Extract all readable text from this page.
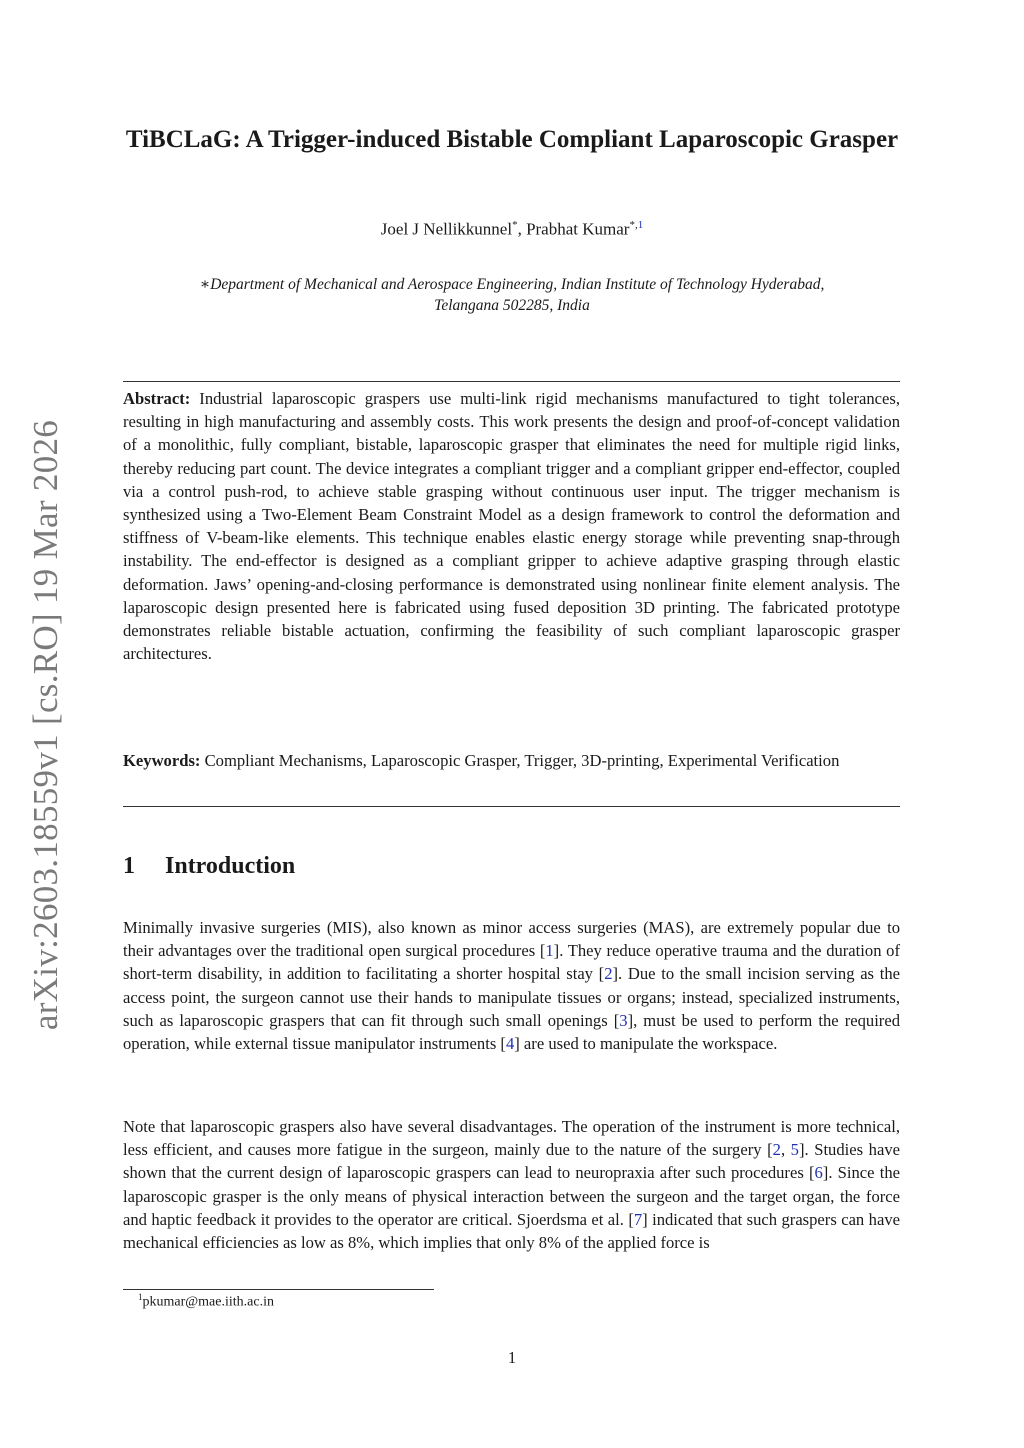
arXiv:2603.18559v1 [cs.RO] 19 Mar 2026
TiBCLaG: A Trigger-induced Bistable Compliant Laparoscopic Grasper
Joel J Nellikkunnel*, Prabhat Kumar$^{*,1}$
∗Department of Mechanical and Aerospace Engineering, Indian Institute of Technology Hyderabad,
Telangana 502285, India
Abstract: Industrial laparoscopic graspers use multi-link rigid mechanisms manufactured to tight tolerances, resulting in high manufacturing and assembly costs. This work presents the design and proof-of-concept validation of a monolithic, fully compliant, bistable, laparoscopic grasper that eliminates the need for multiple rigid links, thereby reducing part count. The device integrates a compliant trigger and a compliant gripper end-effector, coupled via a control push-rod, to achieve stable grasping without continuous user input. The trigger mechanism is synthesized using a Two-Element Beam Constraint Model as a design framework to control the deformation and stiffness of V-beam-like elements. This technique enables elastic energy storage while preventing snap-through instability. The end-effector is designed as a compliant gripper to achieve adaptive grasping through elastic deformation. Jaws’ opening-and-closing performance is demonstrated using nonlinear finite element analysis. The laparoscopic design presented here is fabricated using fused deposition 3D printing. The fabricated prototype demonstrates reliable bistable actuation, confirming the feasibility of such compliant laparoscopic grasper architectures.
Keywords: Compliant Mechanisms, Laparoscopic Grasper, Trigger, 3D-printing, Experimental Verification
1 Introduction
Minimally invasive surgeries (MIS), also known as minor access surgeries (MAS), are extremely popular due to their advantages over the traditional open surgical procedures [1]. They reduce operative trauma and the duration of short-term disability, in addition to facilitating a shorter hospital stay [2]. Due to the small incision serving as the access point, the surgeon cannot use their hands to manipulate tissues or organs; instead, specialized instruments, such as laparoscopic graspers that can fit through such small openings [3], must be used to perform the required operation, while external tissue manipulator instruments [4] are used to manipulate the workspace.
Note that laparoscopic graspers also have several disadvantages. The operation of the instrument is more technical, less efficient, and causes more fatigue in the surgeon, mainly due to the nature of the surgery [2, 5]. Studies have shown that the current design of laparoscopic graspers can lead to neuropraxia after such procedures [6]. Since the laparoscopic grasper is the only means of physical interaction between the surgeon and the target organ, the force and haptic feedback it provides to the operator are critical. Sjoerdsma et al. [7] indicated that such graspers can have mechanical efficiencies as low as 8%, which implies that only 8% of the applied force is
$^1$pkumar@mae.iith.ac.in
1
